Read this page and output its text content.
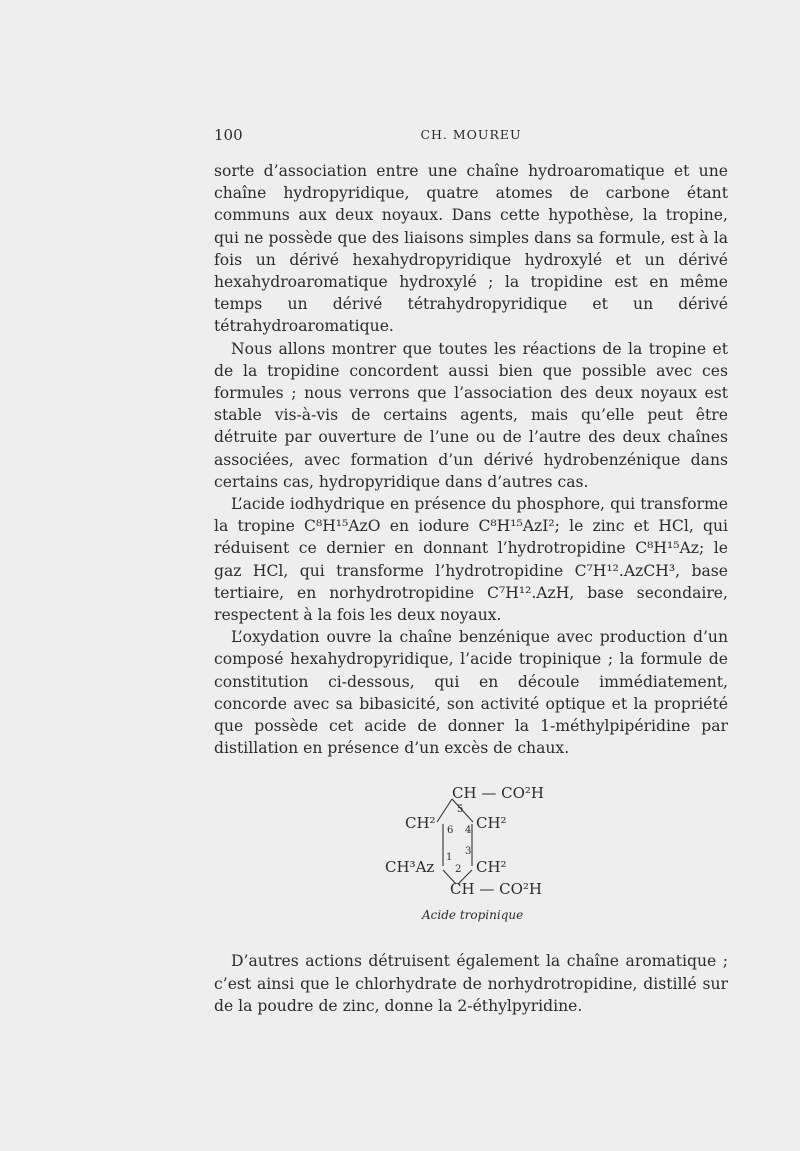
100	CH. MOUREU

sorte d’association entre une chaîne hydroaromatique et une chaîne hydropyridique, quatre atomes de carbone étant communs aux deux noyaux. Dans cette hypothèse, la tropine, qui ne possède que des liaisons simples dans sa formule, est à la fois un dérivé hexahydropyridique hydroxylé et un dérivé hexahydroaromatique hydroxylé ; la tropidine est en même temps un dérivé tétrahydropyridique et un dérivé tétrahydroaromatique.

Nous allons montrer que toutes les réactions de la tropine et de la tropidine concordent aussi bien que possible avec ces formules ; nous verrons que l’association des deux noyaux est stable vis-à-vis de certains agents, mais qu’elle peut être détruite par ouverture de l’une ou de l’autre des deux chaînes associées, avec formation d’un dérivé hydrobenzénique dans certains cas, hydropyridique dans d’autres cas.

L’acide iodhydrique en présence du phosphore, qui transforme la tropine C⁸H¹⁵AzO en iodure C⁸H¹⁵AzI²; le zinc et HCl, qui réduisent ce dernier en donnant l’hydrotropidine C⁸H¹⁵Az; le gaz HCl, qui transforme l’hydrotropidine C⁷H¹².AzCH³, base tertiaire, en norhydrotropidine C⁷H¹².AzH, base secondaire, respectent à la fois les deux noyaux.

L’oxydation ouvre la chaîne benzénique avec production d’un composé hexahydropyridique, l’acide tropinique ; la formule de constitution ci-dessous, qui en découle immédiatement, concorde avec sa bibasicité, son activité optique et la propriété que possède cet acide de donner la 1-méthylpipéridine par distillation en présence d’un excès de chaux.

CH — CO²H
CH²	CH²
CH³Az	CH²
CH — CO²H
5
6 4
1
3
2
Acide tropinique

D’autres actions détruisent également la chaîne aromatique ; c’est ainsi que le chlorhydrate de norhydrotropidine, distillé sur de la poudre de zinc, donne la 2-éthylpyridine.
